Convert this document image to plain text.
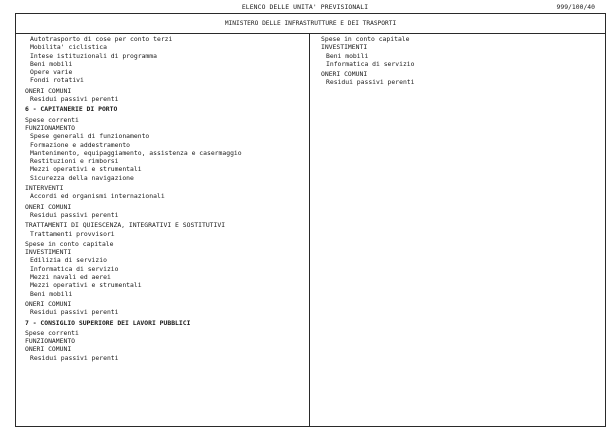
ELENCO DELLE UNITA' PREVISIONALI	999/100/40
MINISTERO DELLE INFRASTRUTTURE E DEI TRASPORTI
Autotrasporto di cose per conto terzi
Mobilita' ciclistica
Intese istituzionali di programma
Beni mobili
Opere varie
Fondi rotativi
ONERI COMUNI
Residui passivi perenti
6 - CAPITANERIE DI PORTO
Spese correnti
FUNZIONAMENTO
Spese generali di funzionamento
Formazione e addestramento
Mantenimento, equipaggiamento, assistenza e casermaggio
Restituzioni e rimborsi
Mezzi operativi e strumentali
Sicurezza della navigazione
INTERVENTI
Accordi ed organismi internazionali
ONERI COMUNI
Residui passivi perenti
TRATTAMENTI DI QUIESCENZA, INTEGRATIVI E SOSTITUTIVI
Trattamenti provvisori
Spese in conto capitale
INVESTIMENTI
Edilizia di servizio
Informatica di servizio
Mezzi navali ed aerei
Mezzi operativi e strumentali
Beni mobili
ONERI COMUNI
Residui passivi perenti
7 - CONSIGLIO SUPERIORE DEI LAVORI PUBBLICI
Spese correnti
FUNZIONAMENTO
ONERI COMUNI
Residui passivi perenti
Spese in conto capitale
INVESTIMENTI
Beni mobili
Informatica di servizio
ONERI COMUNI
Residui passivi perenti
